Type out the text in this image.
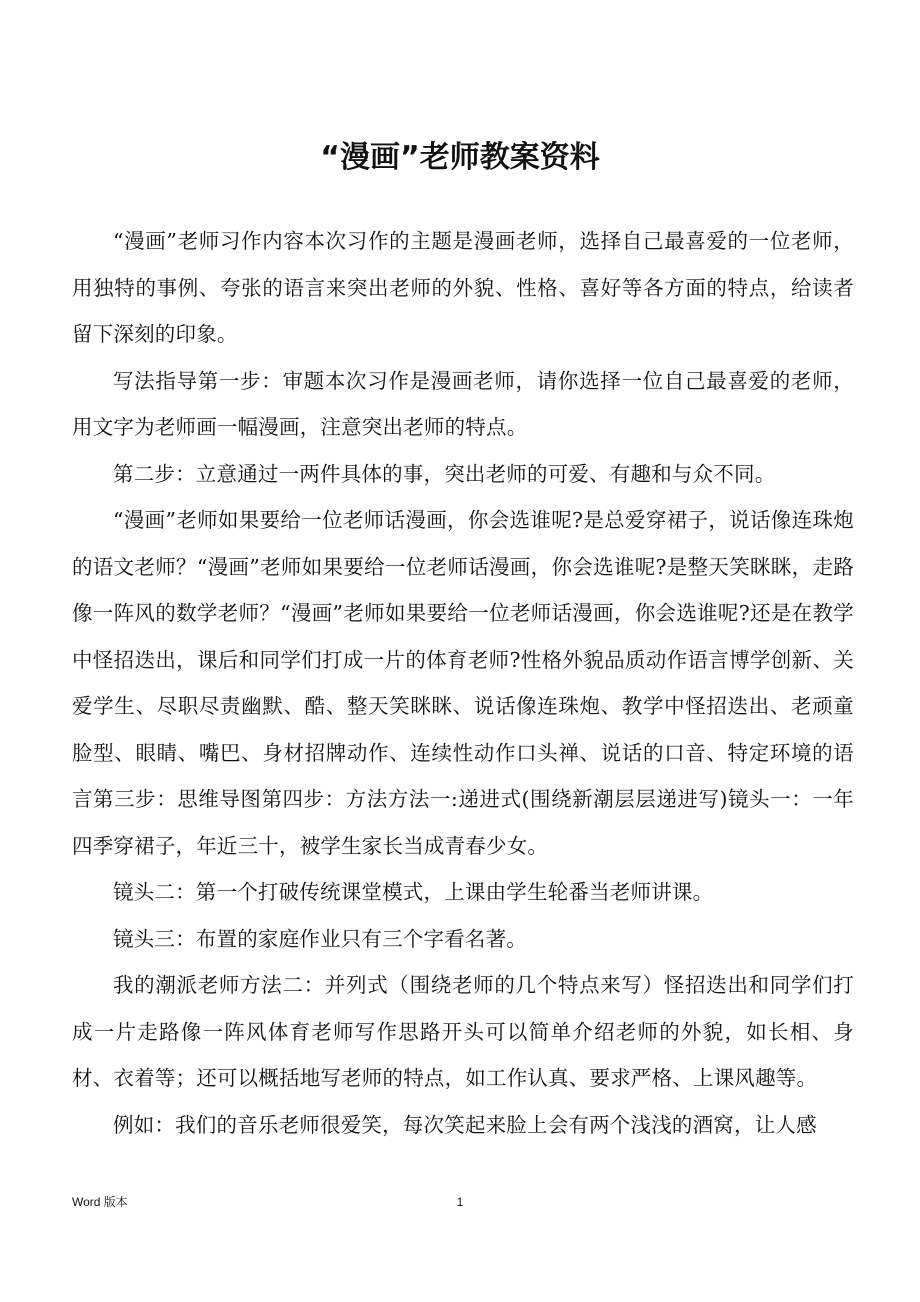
“漫画”老师教案资料

“漫画”老师习作内容本次习作的主题是漫画老师，选择自己最喜爱的一位老师，用独特的事例、夸张的语言来突出老师的外貌、性格、喜好等各方面的特点，给读者留下深刻的印象。

写法指导第一步：审题本次习作是漫画老师，请你选择一位自己最喜爱的老师，用文字为老师画一幅漫画，注意突出老师的特点。

第二步：立意通过一两件具体的事，突出老师的可爱、有趣和与众不同。

“漫画”老师如果要给一位老师话漫画，你会选谁呢?是总爱穿裙子，说话像连珠炮的语文老师？“漫画”老师如果要给一位老师话漫画，你会选谁呢?是整天笑眯眯，走路像一阵风的数学老师？“漫画”老师如果要给一位老师话漫画，你会选谁呢?还是在教学中怪招迭出，课后和同学们打成一片的体育老师?性格外貌品质动作语言博学创新、关爱学生、尽职尽责幽默、酷、整天笑眯眯、说话像连珠炮、教学中怪招迭出、老顽童脸型、眼睛、嘴巴、身材招牌动作、连续性动作口头禅、说话的口音、特定环境的语言第三步：思维导图第四步：方法方法一:递进式(围绕新潮层层递进写)镜头一：一年四季穿裙子，年近三十，被学生家长当成青春少女。

镜头二：第一个打破传统课堂模式，上课由学生轮番当老师讲课。

镜头三：布置的家庭作业只有三个字看名著。

我的潮派老师方法二：并列式（围绕老师的几个特点来写）怪招迭出和同学们打成一片走路像一阵风体育老师写作思路开头可以简单介绍老师的外貌，如长相、身材、衣着等；还可以概括地写老师的特点，如工作认真、要求严格、上课风趣等。

例如：我们的音乐老师很爱笑，每次笑起来脸上会有两个浅浅的酒窝，让人感

Word 版本	1
